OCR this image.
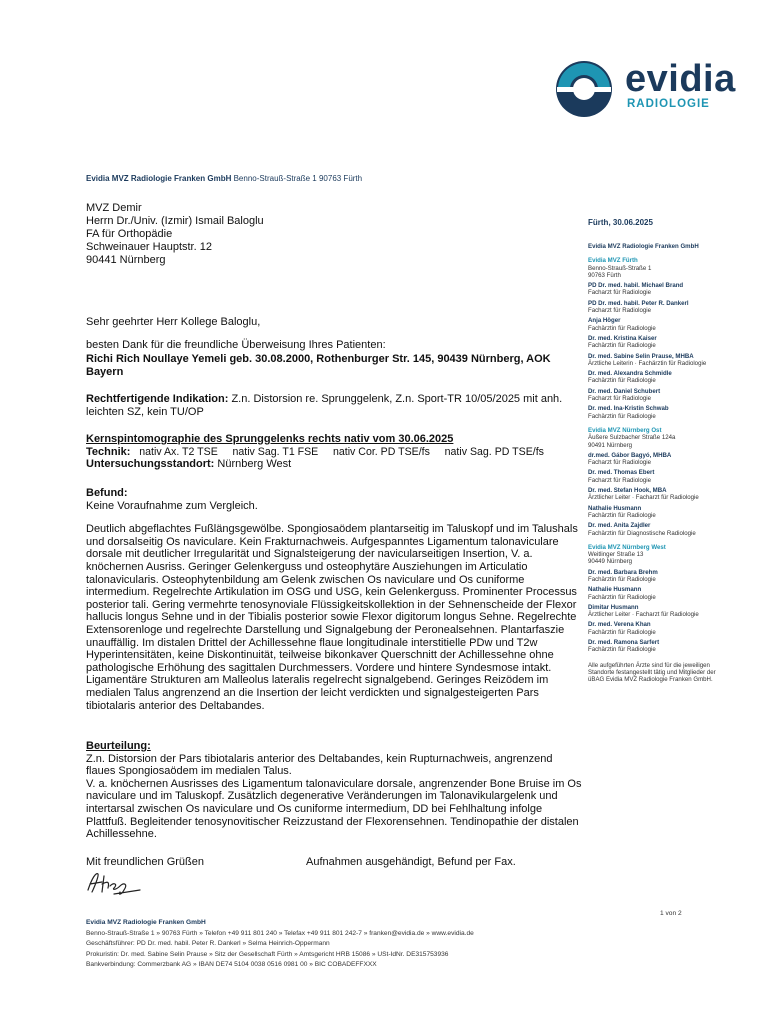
evidia
RADIOLOGIE
Evidia MVZ Radiologie Franken GmbH Benno-Strauß-Straße 1 90763 Fürth
MVZ Demir
Herrn Dr./Univ. (Izmir) Ismail Baloglu
FA für Orthopädie
Schweinauer Hauptstr. 12
90441 Nürnberg
Fürth, 30.06.2025
Evidia MVZ Radiologie Franken GmbH
Evidia MVZ Fürth
Benno-Strauß-Straße 1
90763 Fürth
PD Dr. med. habil. Michael Brand
Facharzt für Radiologie
PD Dr. med. habil. Peter R. Dankerl
Facharzt für Radiologie
Anja Höger
Fachärztin für Radiologie
Dr. med. Kristina Kaiser
Fachärztin für Radiologie
Dr. med. Sabine Selin Prause, MHBA
Ärztliche Leiterin · Fachärztin für Radiologie
Dr. med. Alexandra Schmidle
Fachärztin für Radiologie
Dr. med. Daniel Schubert
Facharzt für Radiologie
Dr. med. Ina-Kristin Schwab
Fachärztin für Radiologie
Evidia MVZ Nürnberg Ost
Äußere Sulzbacher Straße 124a
90491 Nürnberg
dr.med. Gábor Bagyó, MHBA
Facharzt für Radiologie
Dr. med. Thomas Ebert
Facharzt für Radiologie
Dr. med. Stefan Hook, MBA
Ärztlicher Leiter · Facharzt für Radiologie
Nathalie Husmann
Fachärztin für Radiologie
Dr. med. Anita Zajdler
Fachärztin für Diagnostische Radiologie
Evidia MVZ Nürnberg West
Weitlinger Straße 13
90449 Nürnberg
Dr. med. Barbara Brehm
Fachärztin für Radiologie
Nathalie Husmann
Fachärztin für Radiologie
Dimitar Husmann
Ärztlicher Leiter · Facharzt für Radiologie
Dr. med. Verena Khan
Fachärztin für Radiologie
Dr. med. Ramona Sarfert
Fachärztin für Radiologie
Alle aufgeführten Ärzte sind für die jeweiligen Standorte festangestellt tätig und Mitglieder der üBAG Evidia MVZ Radiologie Franken GmbH.
Sehr geehrter Herr Kollege Baloglu,
besten Dank für die freundliche Überweisung Ihres Patienten:
Richi Rich Noullaye Yemeli geb. 30.08.2000, Rothenburger Str. 145, 90439 Nürnberg, AOK Bayern
Rechtfertigende Indikation: Z.n. Distorsion re. Sprunggelenk, Z.n. Sport-TR 10/05/2025 mit anh. leichten SZ, kein TU/OP
Kernspintomographie des Sprunggelenks rechts nativ vom 30.06.2025
Technik:   nativ Ax. T2 TSE     nativ Sag. T1 FSE     nativ Cor. PD TSE/fs     nativ Sag. PD TSE/fs
Untersuchungsstandort: Nürnberg West
Befund:
Keine Voraufnahme zum Vergleich.
Deutlich abgeflachtes Fußlängsgewölbe. Spongiosaödem plantarseitig im Taluskopf und im Talushals und dorsalseitig Os naviculare. Kein Frakturnachweis. Aufgespanntes Ligamentum talonaviculare dorsale mit deutlicher Irregularität und Signalsteigerung der navicularseitigen Insertion, V. a. knöchernen Ausriss. Geringer Gelenkerguss und osteophytäre Ausziehungen im Articulatio talonavicularis. Osteophytenbildung am Gelenk zwischen Os naviculare und Os cuniforme intermedium. Regelrechte Artikulation im OSG und USG, kein Gelenkerguss. Prominenter Processus posterior tali. Gering vermehrte tenosynoviale Flüssigkeitskollektion in der Sehnenscheide der Flexor hallucis longus Sehne und in der Tibialis posterior sowie Flexor digitorum longus Sehne. Regelrechte Extensorenloge und regelrechte Darstellung und Signalgebung der Peronealsehnen. Plantarfaszie unauffällig. Im distalen Drittel der Achillessehne flaue longitudinale interstitielle PDw und T2w Hyperintensitäten, keine Diskontinuität, teilweise bikonkaver Querschnitt der Achillessehne ohne pathologische Erhöhung des sagittalen Durchmessers. Vordere und hintere Syndesmose intakt. Ligamentäre Strukturen am Malleolus lateralis regelrecht signalgebend. Geringes Reizödem im medialen Talus angrenzend an die Insertion der leicht verdickten und signalgesteigerten Pars tibiotalaris anterior des Deltabandes.
Beurteilung:
Z.n. Distorsion der Pars tibiotalaris anterior des Deltabandes, kein Rupturnachweis, angrenzend flaues Spongiosaödem im medialen Talus.
V. a. knöchernen Ausrisses des Ligamentum talonaviculare dorsale, angrenzender Bone Bruise im Os naviculare und im Taluskopf. Zusätzlich degenerative Veränderungen im Talonavikulargelenk und intertarsal zwischen Os naviculare und Os cuniforme intermedium, DD bei Fehlhaltung infolge Plattfuß. Begleitender tenosynovitischer Reizzustand der Flexorensehnen. Tendinopathie der distalen Achillessehne.
Mit freundlichen Grüßen	Aufnahmen ausgehändigt, Befund per Fax.
1 von 2
Evidia MVZ Radiologie Franken GmbH
Benno-Strauß-Straße 1 » 90763 Fürth » Telefon +49 911 801 240 » Telefax +49 911 801 242-7 » franken@evidia.de » www.evidia.de
Geschäftsführer: PD Dr. med. habil. Peter R. Dankerl » Selma Heinrich-Oppermann
Prokuristin: Dr. med. Sabine Selin Prause » Sitz der Gesellschaft Fürth » Amtsgericht HRB 15086 » USt-IdNr. DE315753936
Bankverbindung: Commerzbank AG » IBAN DE74 5104 0038 0516 0981 00 » BIC COBADEFFXXX
